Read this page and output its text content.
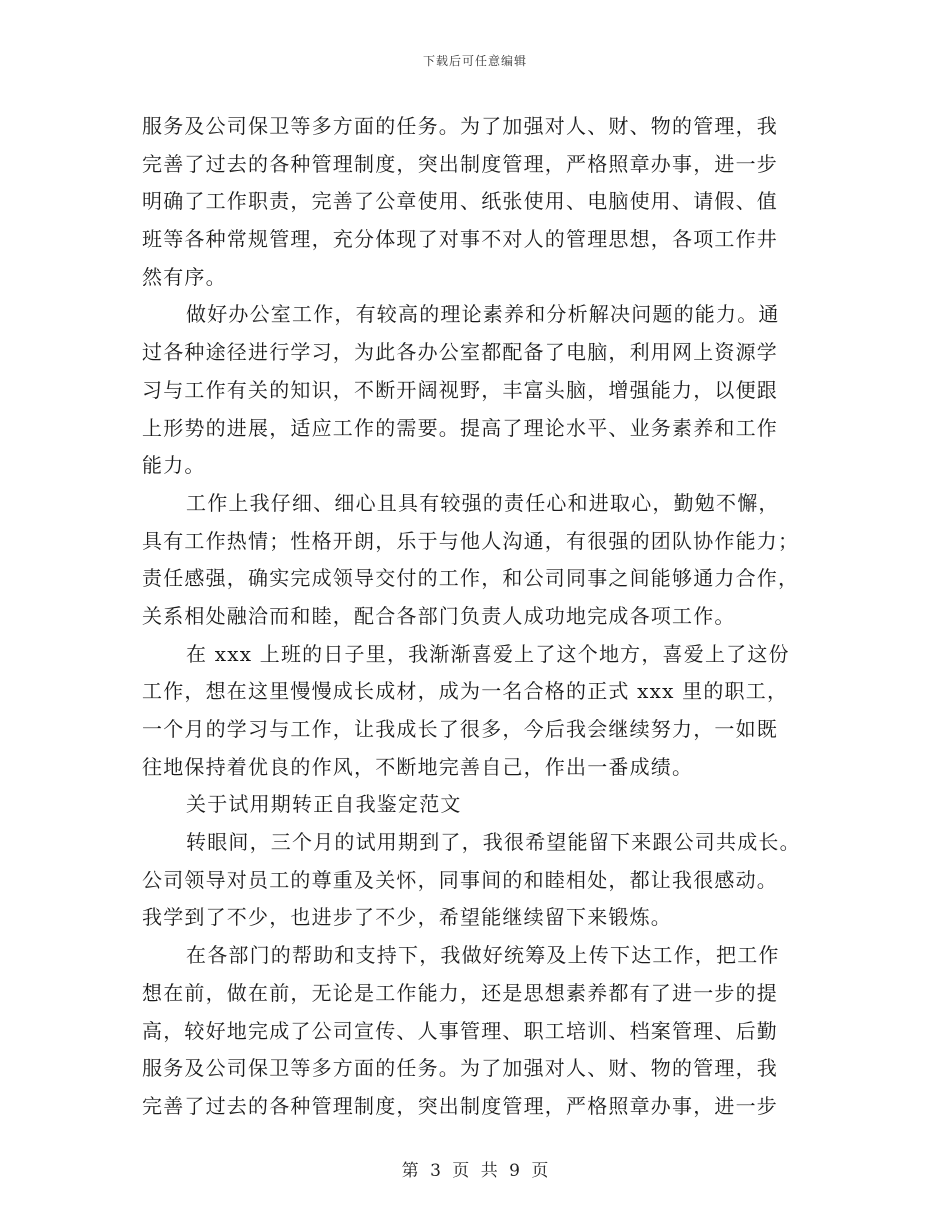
下载后可任意编辑
服务及公司保卫等多方面的任务。为了加强对人、财、物的管理，我
完善了过去的各种管理制度，突出制度管理，严格照章办事，进一步
明确了工作职责，完善了公章使用、纸张使用、电脑使用、请假、值
班等各种常规管理，充分体现了对事不对人的管理思想，各项工作井
然有序。
做好办公室工作，有较高的理论素养和分析解决问题的能力。通
过各种途径进行学习，为此各办公室都配备了电脑，利用网上资源学
习与工作有关的知识，不断开阔视野，丰富头脑，增强能力，以便跟
上形势的进展，适应工作的需要。提高了理论水平、业务素养和工作
能力。
工作上我仔细、细心且具有较强的责任心和进取心，勤勉不懈，
具有工作热情；性格开朗，乐于与他人沟通，有很强的团队协作能力；
责任感强，确实完成领导交付的工作，和公司同事之间能够通力合作，
关系相处融洽而和睦，配合各部门负责人成功地完成各项工作。
在 xxx 上班的日子里，我渐渐喜爱上了这个地方，喜爱上了这份
工作，想在这里慢慢成长成材，成为一名合格的正式 xxx 里的职工，
一个月的学习与工作，让我成长了很多，今后我会继续努力，一如既
往地保持着优良的作风，不断地完善自己，作出一番成绩。
关于试用期转正自我鉴定范文
转眼间，三个月的试用期到了，我很希望能留下来跟公司共成长。
公司领导对员工的尊重及关怀，同事间的和睦相处，都让我很感动。
我学到了不少，也进步了不少，希望能继续留下来锻炼。
在各部门的帮助和支持下，我做好统筹及上传下达工作，把工作
想在前，做在前，无论是工作能力，还是思想素养都有了进一步的提
高，较好地完成了公司宣传、人事管理、职工培训、档案管理、后勤
服务及公司保卫等多方面的任务。为了加强对人、财、物的管理，我
完善了过去的各种管理制度，突出制度管理，严格照章办事，进一步
第 3 页 共 9 页
